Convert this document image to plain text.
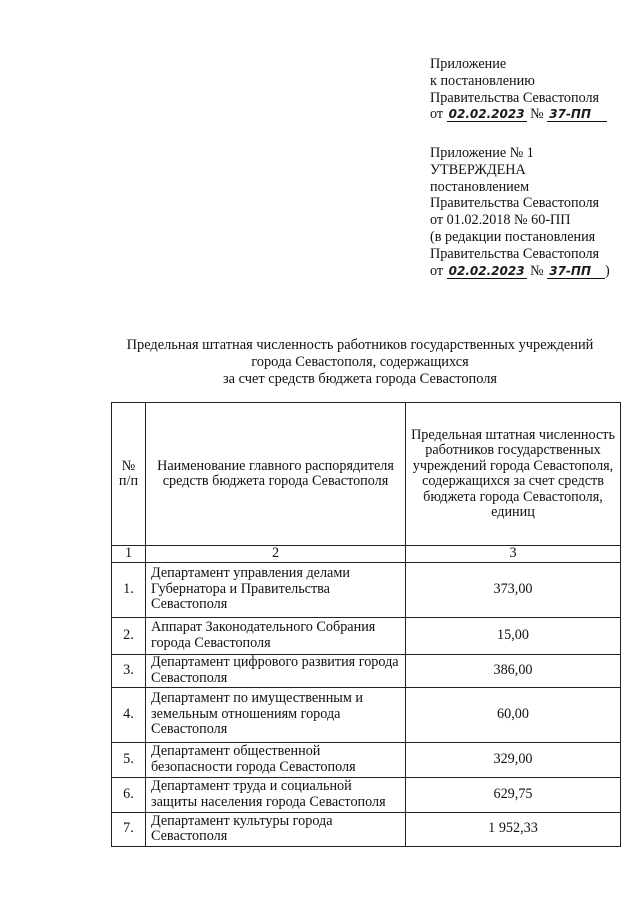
Приложение
к постановлению
Правительства Севастополя
от 02.02.2023 № 37-ПП
Приложение № 1
УТВЕРЖДЕНА
постановлением
Правительства Севастополя
от 01.02.2018 № 60-ПП
(в редакции постановления
Правительства Севастополя
от 02.02.2023 № 37-ПП )
Предельная штатная численность работников государственных учреждений
города Севастополя, содержащихся
за счет средств бюджета города Севастополя
№ п/п	Наименование главного распорядителя средств бюджета города Севастополя	Предельная штатная численность работников государственных учреждений города Севастополя, содержащихся за счет средств бюджета города Севастополя, единиц
1	2	3
1.	Департамент управления делами Губернатора и Правительства Севастополя	373,00
2.	Аппарат Законодательного Собрания города Севастополя	15,00
3.	Департамент цифрового развития города Севастополя	386,00
4.	Департамент по имущественным и земельным отношениям города Севастополя	60,00
5.	Департамент общественной безопасности города Севастополя	329,00
6.	Департамент труда и социальной защиты населения города Севастополя	629,75
7.	Департамент культуры города Севастополя	1 952,33
